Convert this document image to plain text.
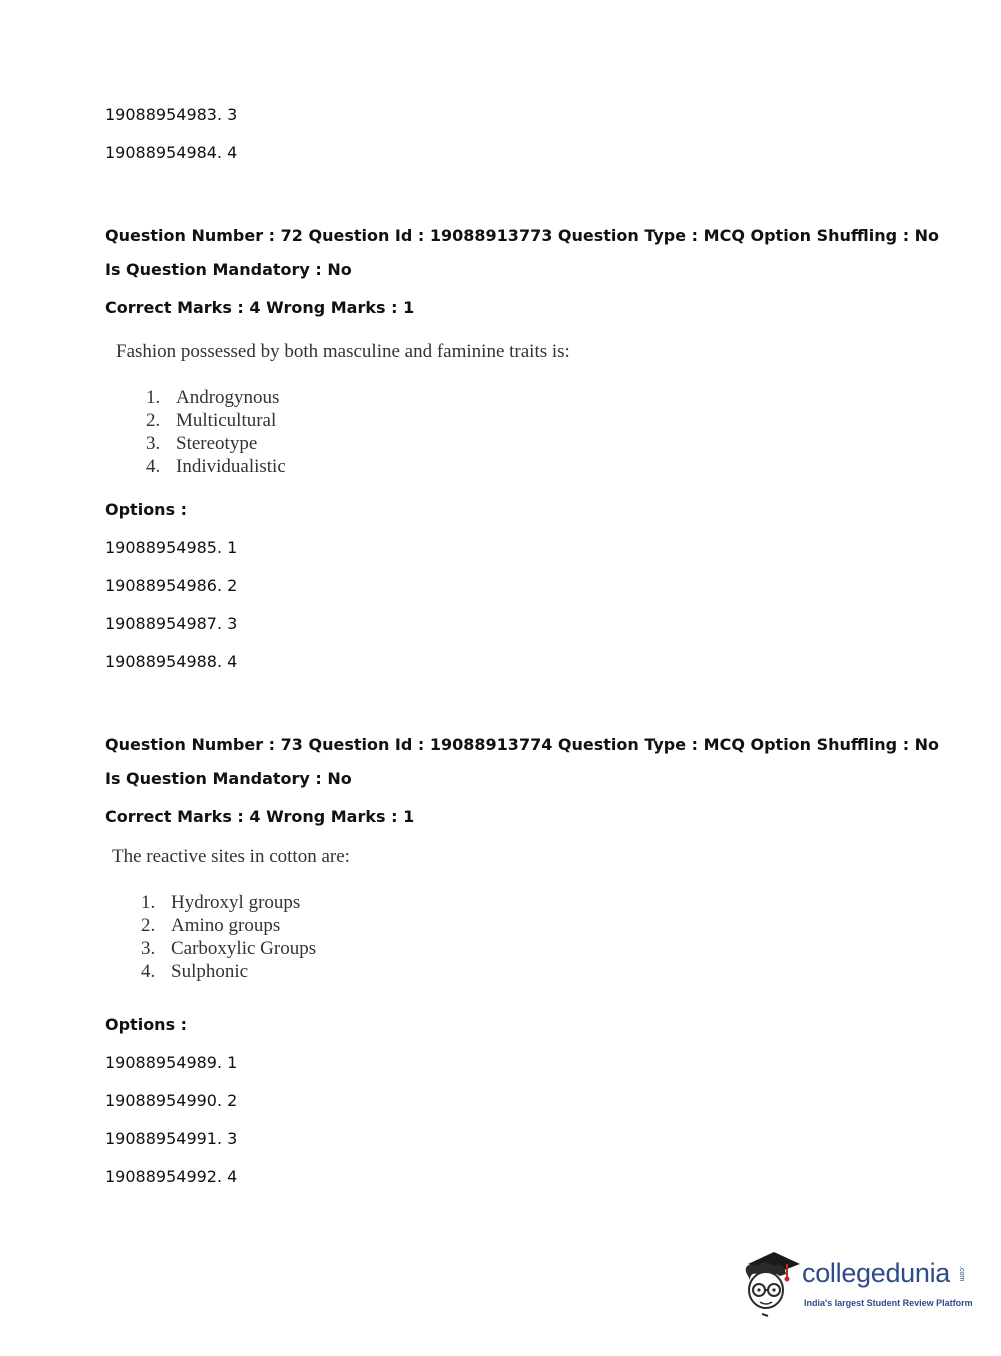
19088954983. 3
19088954984. 4
Question Number : 72 Question Id : 19088913773 Question Type : MCQ Option Shuffling : No
Is Question Mandatory : No
Correct Marks : 4 Wrong Marks : 1
Fashion possessed by both masculine and faminine traits is:
1. Androgynous
2. Multicultural
3. Stereotype
4. Individualistic
Options :
19088954985. 1
19088954986. 2
19088954987. 3
19088954988. 4
Question Number : 73 Question Id : 19088913774 Question Type : MCQ Option Shuffling : No
Is Question Mandatory : No
Correct Marks : 4 Wrong Marks : 1
The reactive sites in cotton are:
1. Hydroxyl groups
2. Amino groups
3. Carboxylic Groups
4. Sulphonic
Options :
19088954989. 1
19088954990. 2
19088954991. 3
19088954992. 4
collegedunia .com
India's largest Student Review Platform
